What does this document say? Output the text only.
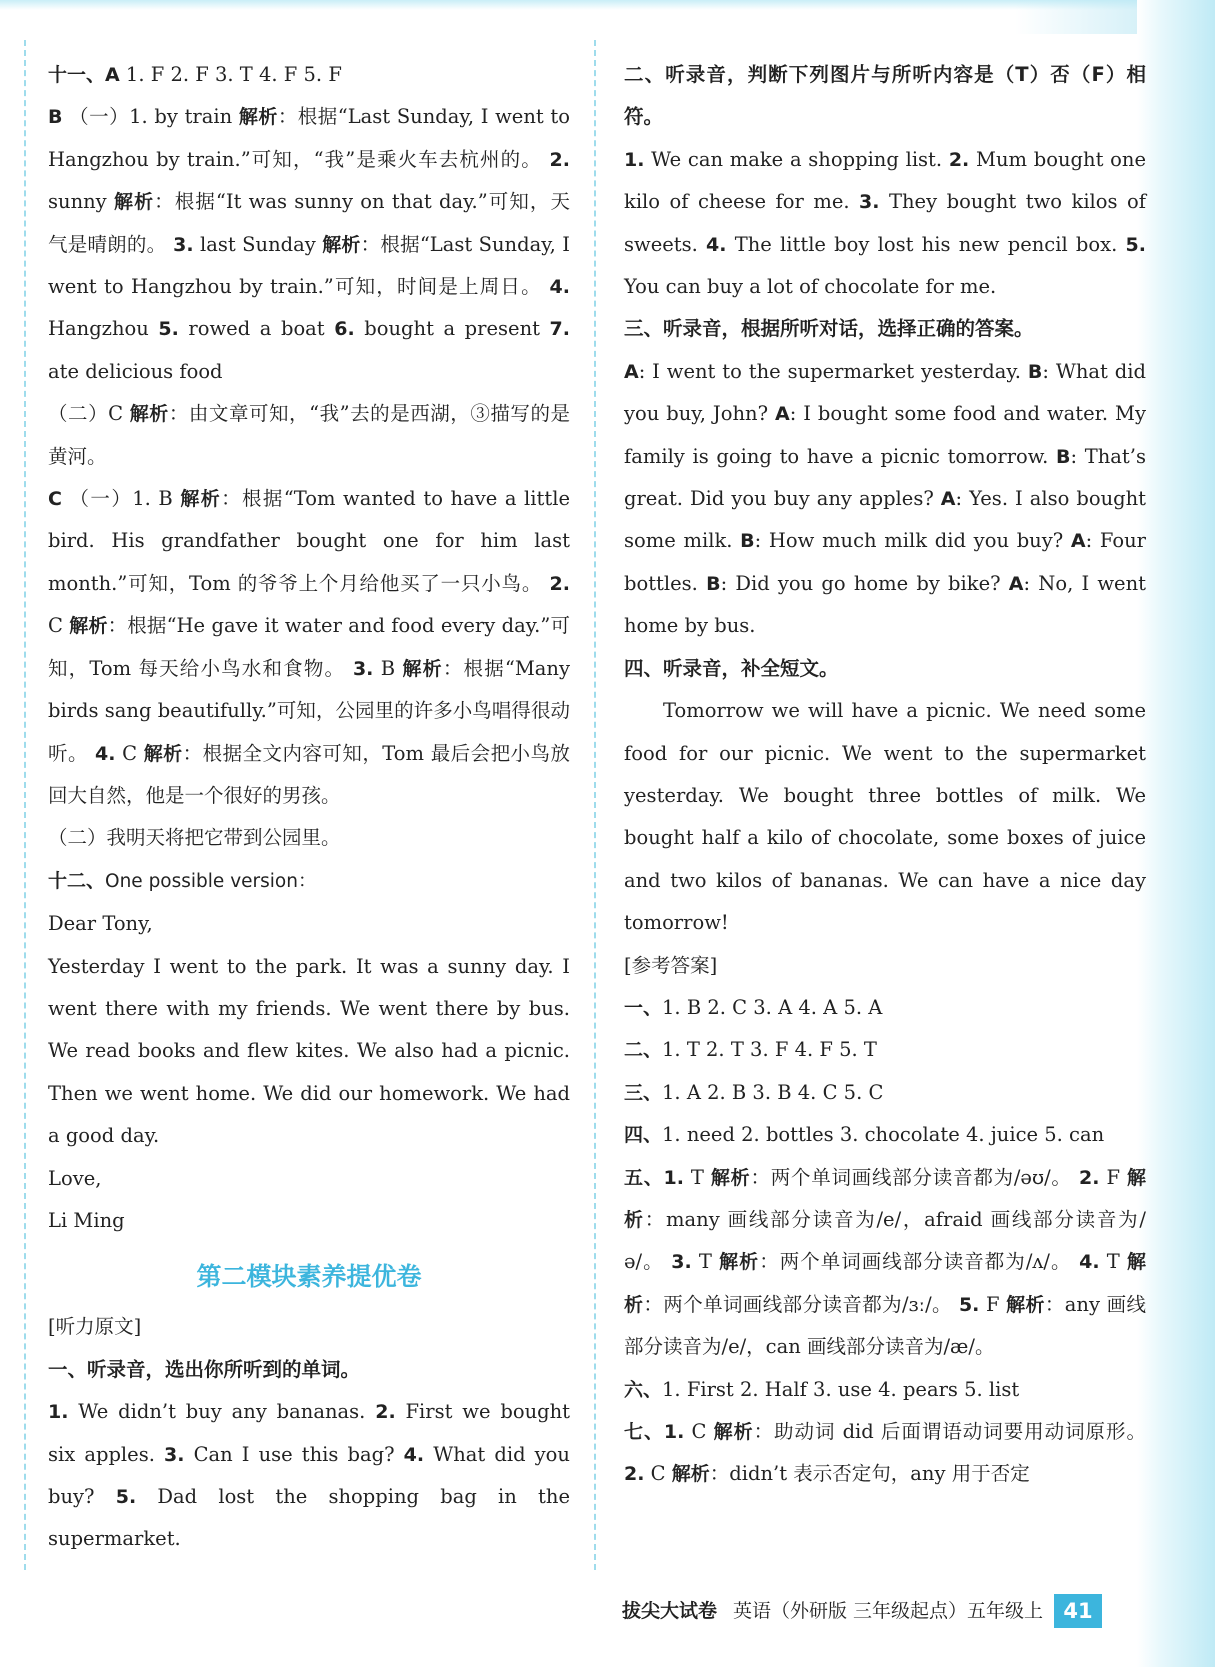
十一、A 1. F 2. F 3. T 4. F 5. F

B （一）1. by train 解析：根据“Last Sunday, I went to Hangzhou by train.”可知，“我”是乘火车去杭州的。 2. sunny 解析：根据“It was sunny on that day.”可知，天气是晴朗的。 3. last Sunday 解析：根据“Last Sunday, I went to Hangzhou by train.”可知，时间是上周日。 4. Hangzhou 5. rowed a boat 6. bought a present 7. ate delicious food

（二）C 解析：由文章可知，“我”去的是西湖，③描写的是黄河。

C （一）1. B 解析：根据“Tom wanted to have a little bird. His grandfather bought one for him last month.”可知，Tom 的爷爷上个月给他买了一只小鸟。 2. C 解析：根据“He gave it water and food every day.”可知，Tom 每天给小鸟水和食物。 3. B 解析：根据“Many birds sang beautifully.”可知，公园里的许多小鸟唱得很动听。 4. C 解析：根据全文内容可知，Tom 最后会把小鸟放回大自然，他是一个很好的男孩。

（二）我明天将把它带到公园里。

十二、One possible version：

Dear Tony,

Yesterday I went to the park. It was a sunny day. I went there with my friends. We went there by bus. We read books and flew kites. We also had a picnic. Then we went home. We did our homework. We had a good day.

Love,

Li Ming

第二模块素养提优卷

[听力原文]

一、听录音，选出你所听到的单词。

1. We didn’t buy any bananas. 2. First we bought six apples. 3. Can I use this bag? 4. What did you buy? 5. Dad lost the shopping bag in the supermarket.

二、听录音，判断下列图片与所听内容是（T）否（F）相符。

1. We can make a shopping list. 2. Mum bought one kilo of cheese for me. 3. They bought two kilos of sweets. 4. The little boy lost his new pencil box. 5. You can buy a lot of chocolate for me.

三、听录音，根据所听对话，选择正确的答案。

A: I went to the supermarket yesterday. B: What did you buy, John? A: I bought some food and water. My family is going to have a picnic tomorrow. B: That’s great. Did you buy any apples? A: Yes. I also bought some milk. B: How much milk did you buy? A: Four bottles. B: Did you go home by bike? A: No, I went home by bus.

四、听录音，补全短文。

Tomorrow we will have a picnic. We need some food for our picnic. We went to the supermarket yesterday. We bought three bottles of milk. We bought half a kilo of chocolate, some boxes of juice and two kilos of bananas. We can have a nice day tomorrow!

[参考答案]

一、1. B 2. C 3. A 4. A 5. A

二、1. T 2. T 3. F 4. F 5. T

三、1. A 2. B 3. B 4. C 5. C

四、1. need 2. bottles 3. chocolate 4. juice 5. can

五、1. T 解析：两个单词画线部分读音都为/əʊ/。 2. F 解析：many 画线部分读音为/e/，afraid 画线部分读音为/ə/。 3. T 解析：两个单词画线部分读音都为/ʌ/。 4. T 解析：两个单词画线部分读音都为/ɜː/。 5. F 解析：any 画线部分读音为/e/，can 画线部分读音为/æ/。

六、1. First 2. Half 3. use 4. pears 5. list

七、1. C 解析：助动词 did 后面谓语动词要用动词原形。 2. C 解析：didn’t 表示否定句，any 用于否定

拔尖大试卷 英语（外研版 三年级起点）五年级上 41
